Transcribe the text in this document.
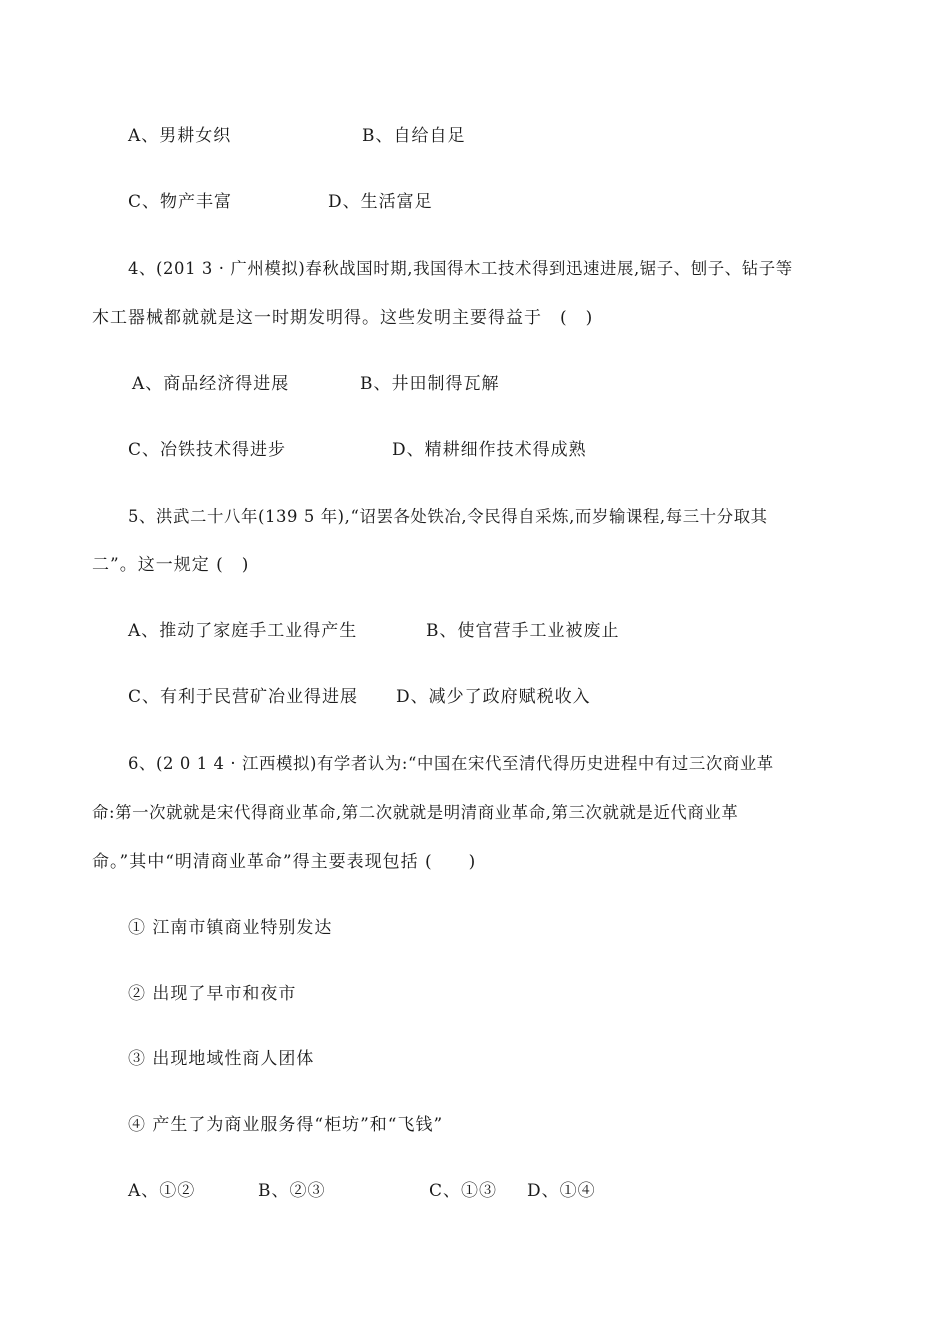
A、男耕女织	B、自给自足
C、物产丰富	D、生活富足
4、(201 3 · 广州模拟)春秋战国时期,我国得木工技术得到迅速进展,锯子、刨子、钻子等
木工器械都就就是这一时期发明得。这些发明主要得益于　(　)
A、商品经济得进展	B、井田制得瓦解
C、冶铁技术得进步	D、精耕细作技术得成熟
5、洪武二十八年(139 5 年),“诏罢各处铁冶,令民得自采炼,而岁输课程,每三十分取其
二”。这一规定 (　)
A、推动了家庭手工业得产生	B、使官营手工业被废止
C、有利于民营矿冶业得进展 D、减少了政府赋税收入
6、(2 0 1 4 · 江西模拟)有学者认为:“中国在宋代至清代得历史进程中有过三次商业革
命:第一次就就是宋代得商业革命,第二次就就是明清商业革命,第三次就就是近代商业革
命。”其中“明清商业革命”得主要表现包括 (　　)
① 江南市镇商业特别发达
② 出现了早市和夜市
③ 出现地域性商人团体
④ 产生了为商业服务得“柜坊”和“飞钱”
A、①②	B、②③	C、①③ D、①④
